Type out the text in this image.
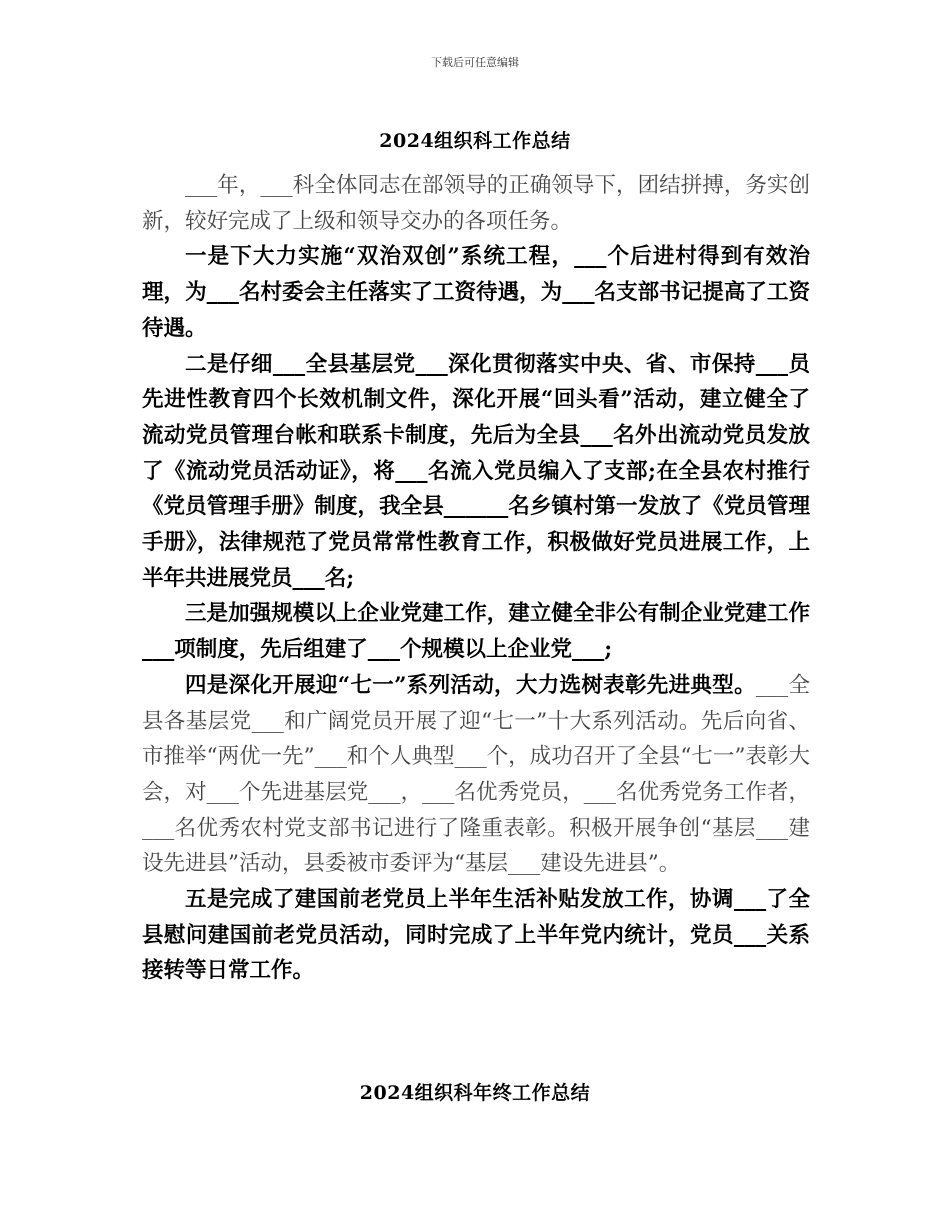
下载后可任意编辑
2024组织科工作总结

___年，___科全体同志在部领导的正确领导下，团结拼搏，务实创新，较好完成了上级和领导交办的各项任务。

一是下大力实施“双治双创”系统工程，___个后进村得到有效治理，为___名村委会主任落实了工资待遇，为___名支部书记提高了工资待遇。

二是仔细___全县基层党___深化贯彻落实中央、省、市保持___员先进性教育四个长效机制文件，深化开展“回头看”活动，建立健全了流动党员管理台帐和联系卡制度，先后为全县___名外出流动党员发放了《流动党员活动证》，将___名流入党员编入了支部;在全县农村推行《党员管理手册》制度，我全县______名乡镇村第一发放了《党员管理手册》，法律规范了党员常常性教育工作，积极做好党员进展工作，上半年共进展党员___名;

三是加强规模以上企业党建工作，建立健全非公有制企业党建工作___项制度，先后组建了___个规模以上企业党___;

四是深化开展迎“七一”系列活动，大力选树表彰先进典型。___全县各基层党___和广阔党员开展了迎“七一”十大系列活动。先后向省、市推举“两优一先”___和个人典型___个，成功召开了全县“七一”表彰大会，对___个先进基层党___，___名优秀党员，___名优秀党务工作者，___名优秀农村党支部书记进行了隆重表彰。积极开展争创“基层___建设先进县”活动，县委被市委评为“基层___建设先进县”。

五是完成了建国前老党员上半年生活补贴发放工作，协调___了全县慰问建国前老党员活动，同时完成了上半年党内统计，党员___关系接转等日常工作。

2024组织科年终工作总结
